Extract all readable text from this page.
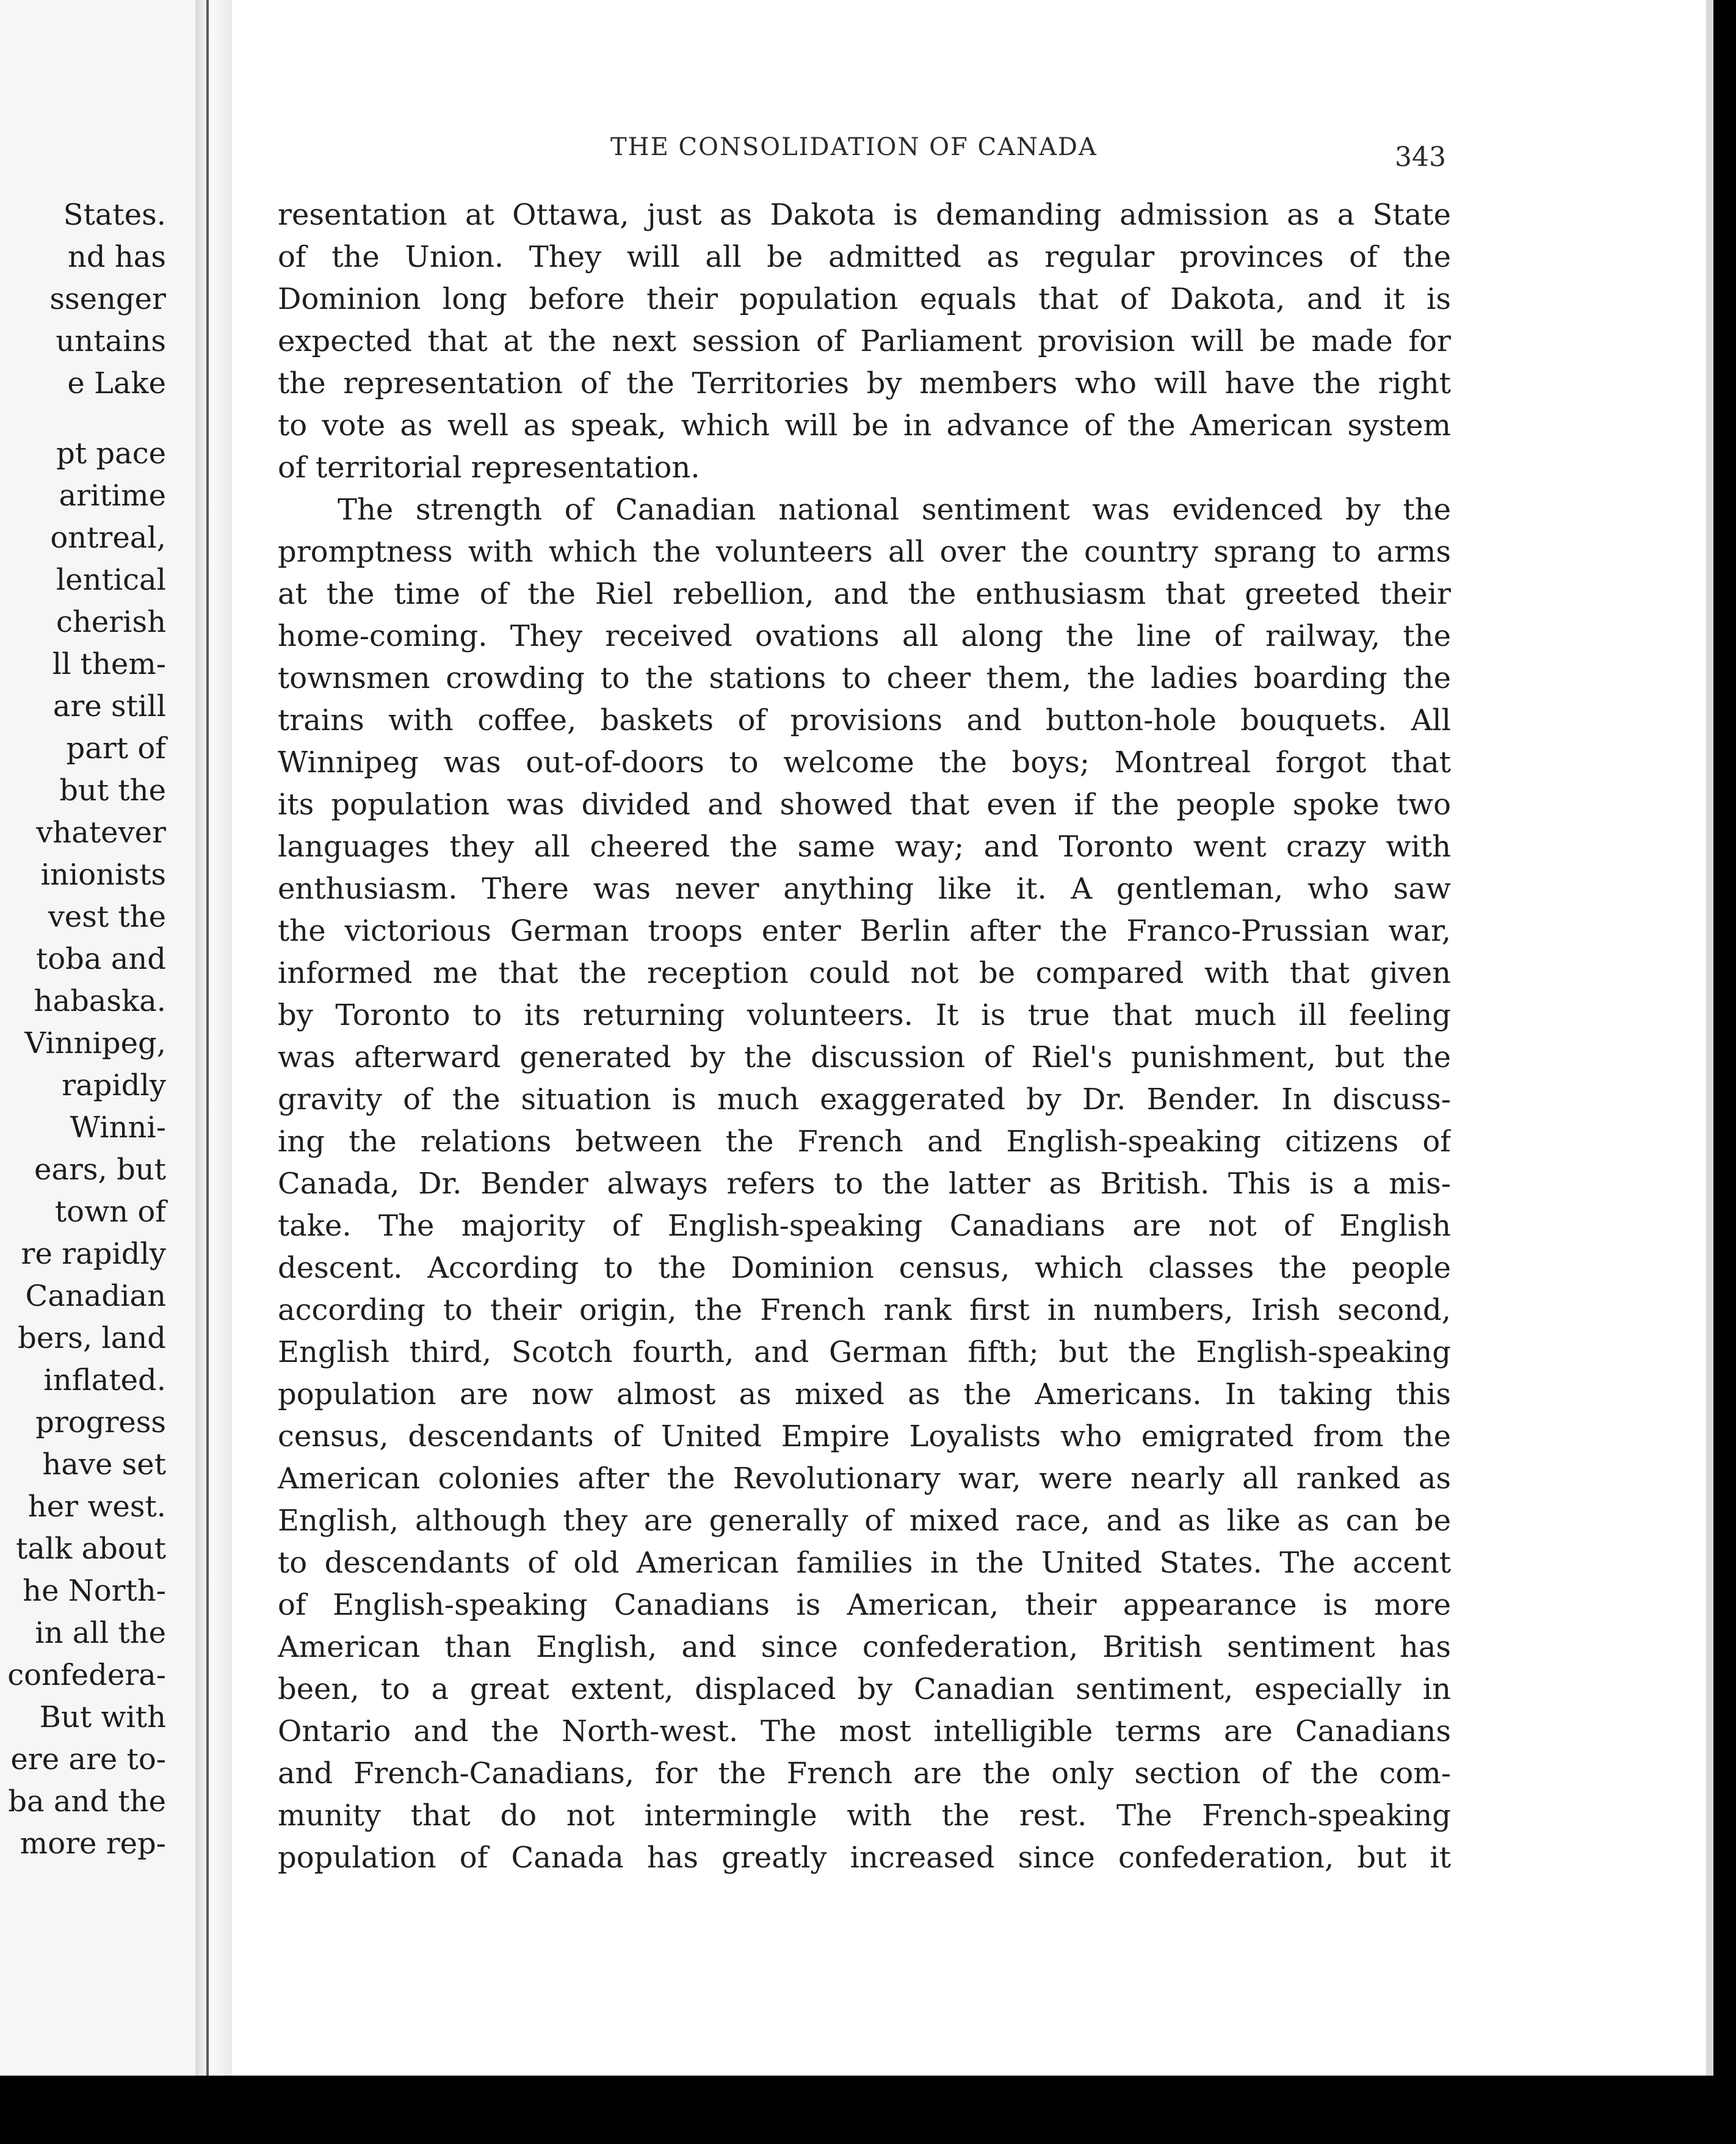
States.
nd has
ssenger
untains
e Lake
pt pace
aritime
ontreal,
lentical
cherish
ll them-
are still
part of
but the
vhatever
inionists
vest the
toba and
habaska.
Vinnipeg,
rapidly
Winni-
ears, but
town of
re rapidly
Canadian
bers, land
inflated.
progress
have set
her west.
talk about
he North-
in all the
confedera-
But with
ere are to-
ba and the
more rep-
THE CONSOLIDATION OF CANADA	343
resentation at Ottawa, just as Dakota is demanding admission as a State
of the Union. They will all be admitted as regular provinces of the
Dominion long before their population equals that of Dakota, and it is
expected that at the next session of Parliament provision will be made for
the representation of the Territories by members who will have the right
to vote as well as speak, which will be in advance of the American system
of territorial representation.
The strength of Canadian national sentiment was evidenced by the
promptness with which the volunteers all over the country sprang to arms
at the time of the Riel rebellion, and the enthusiasm that greeted their
home-coming. They received ovations all along the line of railway, the
townsmen crowding to the stations to cheer them, the ladies boarding the
trains with coffee, baskets of provisions and button-hole bouquets. All
Winnipeg was out-of-doors to welcome the boys; Montreal forgot that
its population was divided and showed that even if the people spoke two
languages they all cheered the same way; and Toronto went crazy with
enthusiasm. There was never anything like it. A gentleman, who saw
the victorious German troops enter Berlin after the Franco-Prussian war,
informed me that the reception could not be compared with that given
by Toronto to its returning volunteers. It is true that much ill feeling
was afterward generated by the discussion of Riel's punishment, but the
gravity of the situation is much exaggerated by Dr. Bender. In discuss-
ing the relations between the French and English-speaking citizens of
Canada, Dr. Bender always refers to the latter as British. This is a mis-
take. The majority of English-speaking Canadians are not of English
descent. According to the Dominion census, which classes the people
according to their origin, the French rank first in numbers, Irish second,
English third, Scotch fourth, and German fifth; but the English-speaking
population are now almost as mixed as the Americans. In taking this
census, descendants of United Empire Loyalists who emigrated from the
American colonies after the Revolutionary war, were nearly all ranked as
English, although they are generally of mixed race, and as like as can be
to descendants of old American families in the United States. The accent
of English-speaking Canadians is American, their appearance is more
American than English, and since confederation, British sentiment has
been, to a great extent, displaced by Canadian sentiment, especially in
Ontario and the North-west. The most intelligible terms are Canadians
and French-Canadians, for the French are the only section of the com-
munity that do not intermingle with the rest. The French-speaking
population of Canada has greatly increased since confederation, but it
